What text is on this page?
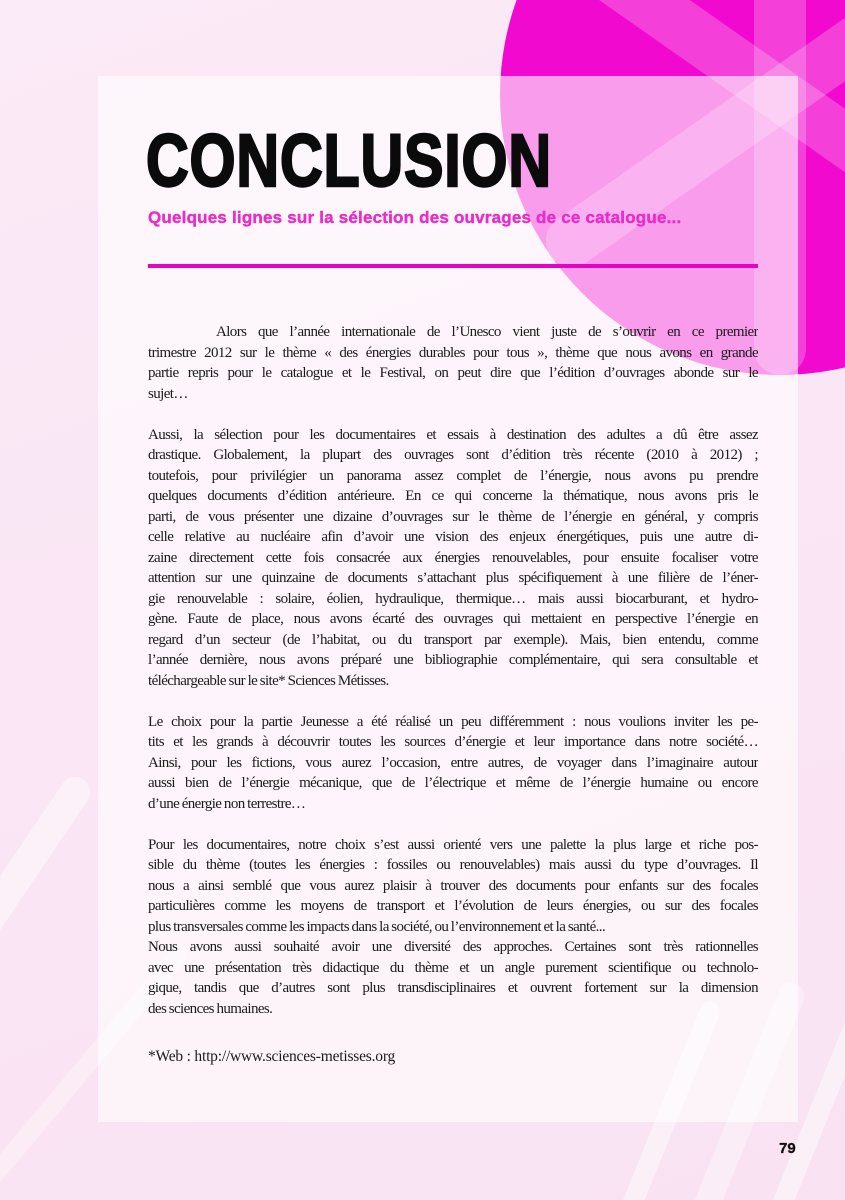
CONCLUSION
Quelques lignes sur la sélection des ouvrages de ce catalogue...

Alors que l’année internationale de l’Unesco vient juste de s’ouvrir en ce premier
trimestre 2012 sur le thème « des énergies durables pour tous », thème que nous avons en grande
partie repris pour le catalogue et le Festival, on peut dire que l’édition d’ouvrages abonde sur le
sujet…

Aussi, la sélection pour les documentaires et essais à destination des adultes a dû être assez
drastique. Globalement, la plupart des ouvrages sont d’édition très récente (2010 à 2012) ;
toutefois, pour privilégier un panorama assez complet de l’énergie, nous avons pu prendre
quelques documents d’édition antérieure. En ce qui concerne la thématique, nous avons pris le
parti, de vous présenter une dizaine d’ouvrages sur le thème de l’énergie en général, y compris
celle relative au nucléaire afin d’avoir une vision des enjeux énergétiques, puis une autre di-
zaine directement cette fois consacrée aux énergies renouvelables, pour ensuite focaliser votre
attention sur une quinzaine de documents s’attachant plus spécifiquement à une filière de l’éner-
gie renouvelable : solaire, éolien, hydraulique, thermique… mais aussi biocarburant, et hydro-
gène. Faute de place, nous avons écarté des ouvrages qui mettaient en perspective l’énergie en
regard d’un secteur (de l’habitat, ou du transport par exemple). Mais, bien entendu, comme
l’année dernière, nous avons préparé une bibliographie complémentaire, qui sera consultable et
téléchargeable sur le site* Sciences Métisses.

Le choix pour la partie Jeunesse a été réalisé un peu différemment : nous voulions inviter les pe-
tits et les grands à découvrir toutes les sources d’énergie et leur importance dans notre société…
Ainsi, pour les fictions, vous aurez l’occasion, entre autres, de voyager dans l’imaginaire autour
aussi bien de l’énergie mécanique, que de l’électrique et même de l’énergie humaine ou encore
d’une énergie non terrestre…

Pour les documentaires, notre choix s’est aussi orienté vers une palette la plus large et riche pos-
sible du thème (toutes les énergies : fossiles ou renouvelables) mais aussi du type d’ouvrages. Il
nous a ainsi semblé que vous aurez plaisir à trouver des documents pour enfants sur des focales
particulières comme les moyens de transport et l’évolution de leurs énergies, ou sur des focales
plus transversales comme les impacts dans la société, ou l’environnement et la santé...

Nous avons aussi souhaité avoir une diversité des approches. Certaines sont très rationnelles
avec une présentation très didactique du thème et un angle purement scientifique ou technolo-
gique, tandis que d’autres sont plus transdisciplinaires et ouvrent fortement sur la dimension
des sciences humaines.

*Web : http://www.sciences-metisses.org
79
